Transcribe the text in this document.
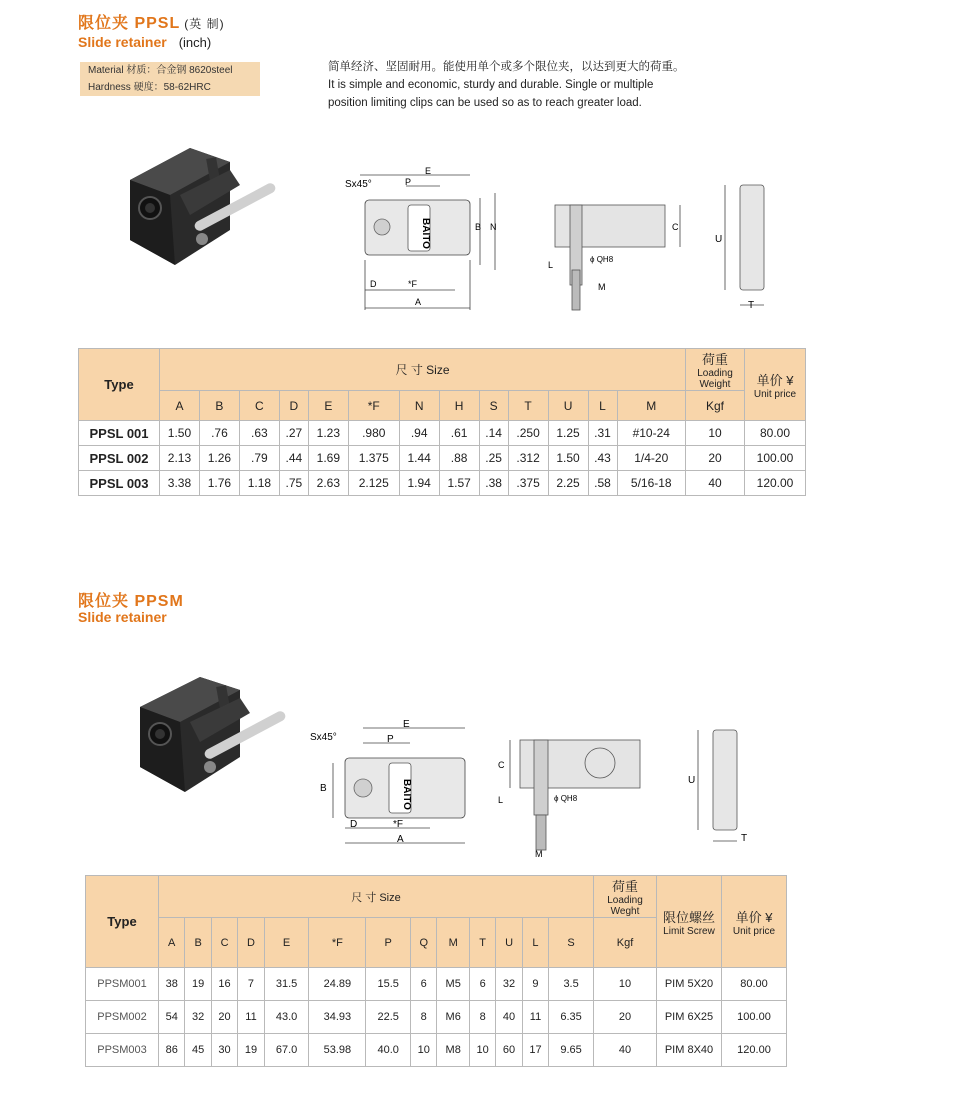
限位夹 PPSL (英 制)
Slide retainer (inch)
Material 材质：合金钢 8620steel
Hardness 硬度：58-62HRC
简单经济、坚固耐用。能使用单个或多个限位夹，以达到更大的荷重。
It is simple and economic, sturdy and durable. Single or multiple
position limiting clips can be used so as to reach greater load.
Sx45°
E
P
B N
D	*F
A
BAITO	C
L
ϕ QH8
M
U
T
Type	尺 寸 Size													荷重
Loading
Weight	单价 ¥
Unit price

	A	B	C	D	E	*F	N	H	S	T	U	L	M	Kgf	
PPSL 001	1.50	.76	.63	.27	1.23	.980	.94	.61	.14	.250	1.25	.31	#10-24	10	80.00
PPSL 002	2.13	1.26	.79	.44	1.69	1.375	1.44	.88	.25	.312	1.50	.43	1/4-20	20	100.00
PPSL 003	3.38	1.76	1.18	.75	2.63	2.125	1.94	1.57	.38	.375	2.25	.58	5/16-18	40	120.00
限位夹 PPSM
Slide retainer
Sx45°
E
P
B
D	*F
A
BAITO
C
L	ϕ QH8
M
U
T
Type	尺 寸 Size													荷重
Loading
Weght	限位螺丝
Limit Screw	单价 ¥
Unit price

	A	B	C	D	E	*F	P	Q	M	T	U	L	S	Kgf		
PPSM001	38	19	16	7	31.5	24.89	15.5	6	M5	6	32	9	3.5	10	PIM 5X20	80.00
PPSM002	54	32	20	11	43.0	34.93	22.5	8	M6	8	40	11	6.35	20	PIM 6X25	100.00
PPSM003	86	45	30	19	67.0	53.98	40.0	10	M8	10	60	17	9.65	40	PIM 8X40	120.00
